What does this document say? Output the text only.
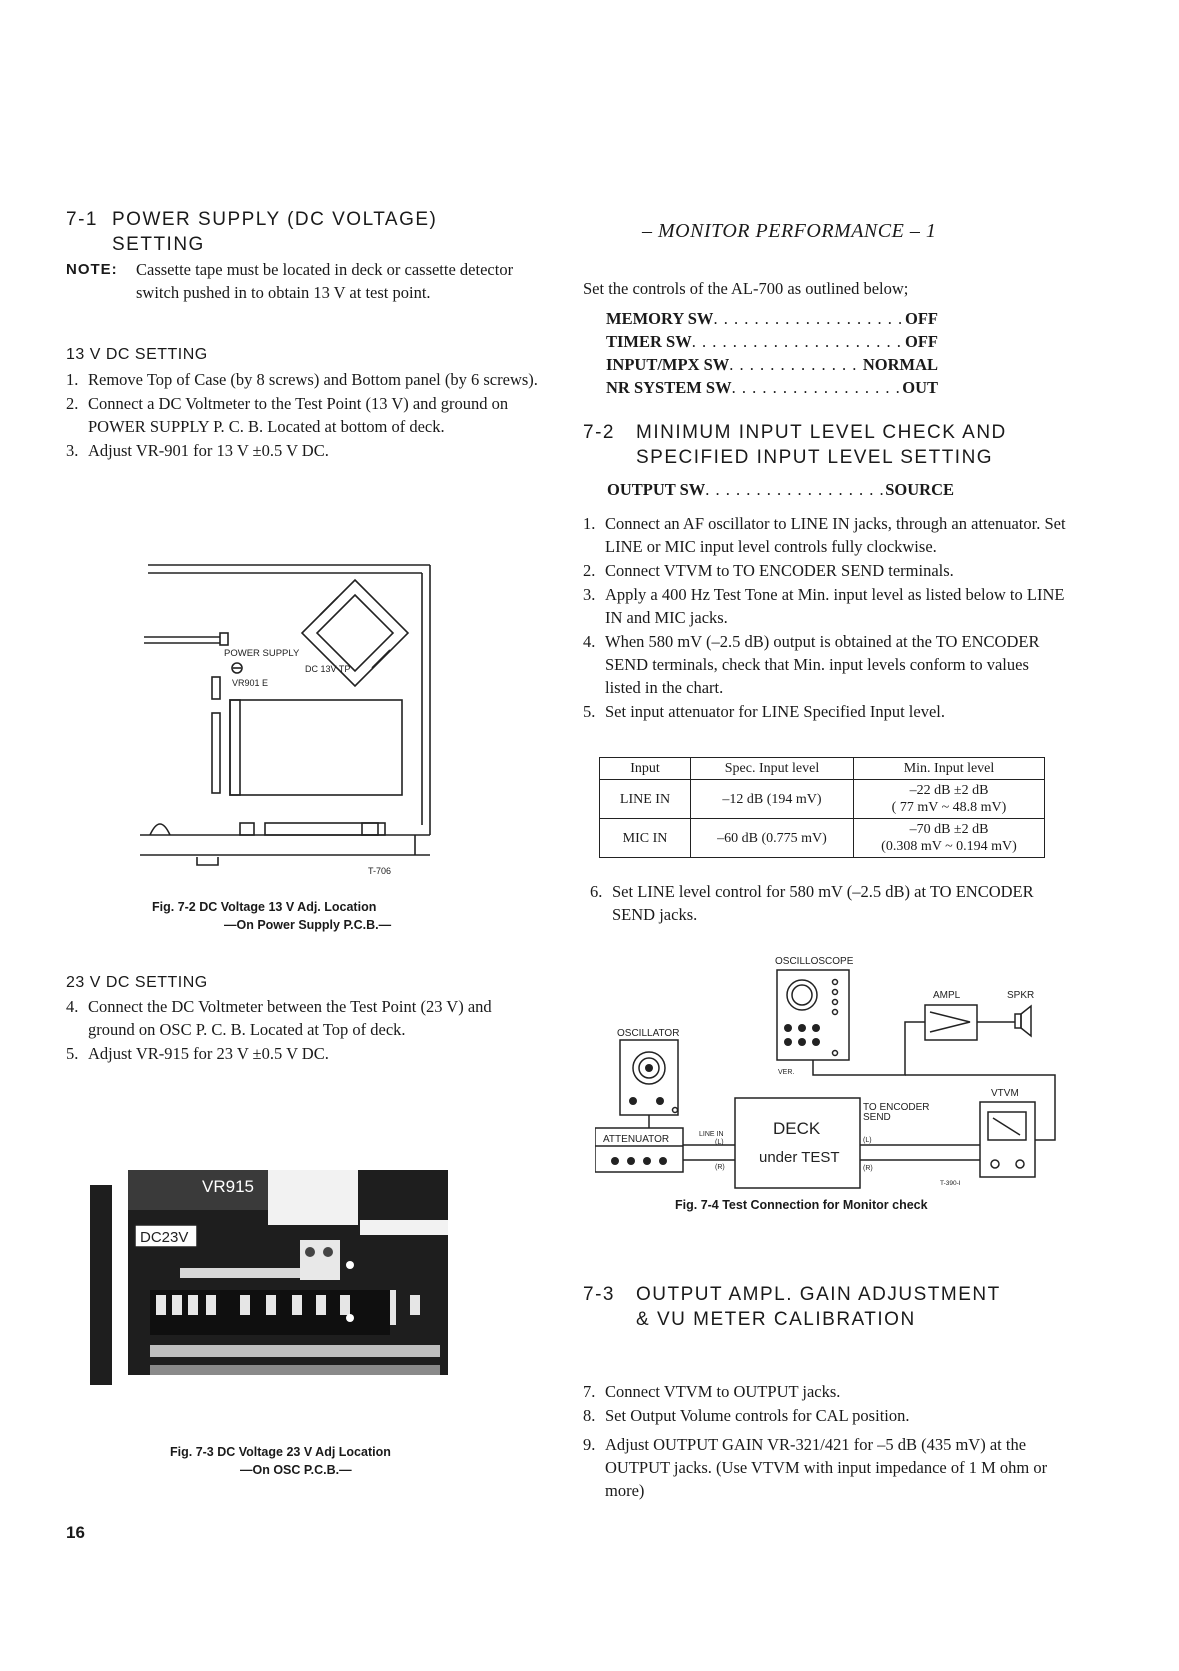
7-1 POWER SUPPLY (DC VOLTAGE)
SETTING
NOTE:	Cassette tape must be located in deck or cassette detector switch pushed in to obtain 13 V at test point.
13 V DC SETTING
1. Remove Top of Case (by 8 screws) and Bottom panel (by 6 screws).
2. Connect a DC Voltmeter to the Test Point (13 V) and ground on POWER SUPPLY P. C. B. Located at bottom of deck.
3. Adjust VR-901 for 13 V ±0.5 V DC.
POWER SUPPLY
DC 13V TP
VR901 E
T-706
Fig. 7-2 DC Voltage 13 V Adj. Location
—On Power Supply P.C.B.—
23 V DC SETTING
4. Connect the DC Voltmeter between the Test Point (23 V) and ground on OSC P. C. B. Located at Top of deck.
5. Adjust VR-915 for 23 V ±0.5 V DC.
VR915
DC23V
Fig. 7-3 DC Voltage 23 V Adj Location
—On OSC P.C.B.—
16
– MONITOR PERFORMANCE – 1
Set the controls of the AL-700 as outlined below;
MEMORY SW . . .	OFF
TIMER SW . . .	OFF
INPUT/MPX SW . . .	NORMAL
NR SYSTEM SW . . .	OUT
7-2 MINIMUM INPUT LEVEL CHECK AND
SPECIFIED INPUT LEVEL SETTING
OUTPUT SW . . .	SOURCE
1. Connect an AF oscillator to LINE IN jacks, through an attenuator. Set LINE or MIC input level controls fully clockwise.
2. Connect VTVM to TO ENCODER SEND terminals.
3. Apply a 400 Hz Test Tone at Min. input level as listed below to LINE IN and MIC jacks.
4. When 580 mV (–2.5 dB) output is obtained at the TO ENCODER SEND terminals, check that Min. input levels conform to values listed in the chart.
5. Set input attenuator for LINE Specified Input level.
Input	Spec. Input level	Min. Input level
LINE IN	–12 dB (194 mV)	–22 dB ±2 dB
( 77 mV ~ 48.8 mV)

MIC IN	–60 dB (0.775 mV)	–70 dB ±2 dB
(0.308 mV ~ 0.194 mV)
6. Set LINE level control for 580 mV (–2.5 dB) at TO ENCODER SEND jacks.
OSCILLOSCOPE
OSCILLATOR
AMPL	SPKR
VTVM
VER.
ATTENUATOR
DECK
under TEST
LINE IN
(L)
(R)
TO ENCODER
SEND
(L)
(R)
T-390-I
Fig. 7-4 Test Connection for Monitor check
7-3 OUTPUT AMPL. GAIN ADJUSTMENT
& VU METER CALIBRATION
7. Connect VTVM to OUTPUT jacks.
8. Set Output Volume controls for CAL position.
9. Adjust OUTPUT GAIN VR-321/421 for –5 dB (435 mV) at the OUTPUT jacks. (Use VTVM with input impedance of 1 M ohm or more)
